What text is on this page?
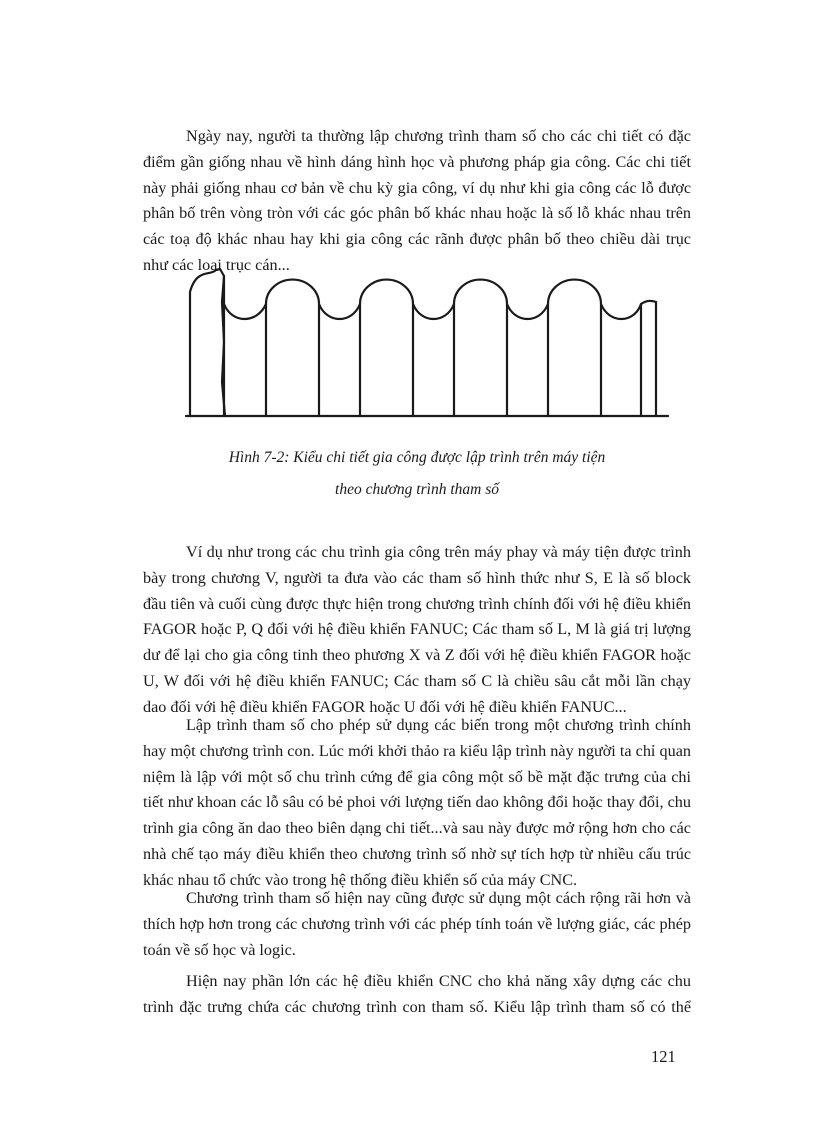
Ngày nay, người ta thường lập chương trình tham số cho các chi tiết có đặc
điểm gần giống nhau về hình dáng hình học và phương pháp gia công. Các chi tiết
này phải giống nhau cơ bản về chu kỳ gia công, ví dụ như khi gia công các lỗ được
phân bố trên vòng tròn với các góc phân bố khác nhau hoặc là số lỗ khác nhau trên
các toạ độ khác nhau hay khi gia công các rãnh được phân bố theo chiều dài trục
như các loại trục cán...

Hình 7-2: Kiểu chi tiết gia công được lập trình trên máy tiện

theo chương trình tham số

Ví dụ như trong các chu trình gia công trên máy phay và máy tiện được trình
bày trong chương V, người ta đưa vào các tham số hình thức như S, E là số block
đầu tiên và cuối cùng được thực hiện trong chương trình chính đối với hệ điều khiển
FAGOR hoặc P, Q đối với hệ điều khiển FANUC; Các tham số L, M là giá trị lượng
dư để lại cho gia công tinh theo phương X và Z đối với hệ điều khiển FAGOR hoặc
U, W đối với hệ điều khiển FANUC; Các tham số C là chiều sâu cắt mỗi lần chạy
dao đối với hệ điều khiển FAGOR hoặc U đối với hệ điều khiển FANUC...

Lập trình tham số cho phép sử dụng các biến trong một chương trình chính
hay một chương trình con. Lúc mới khởi thảo ra kiểu lập trình này người ta chỉ quan
niệm là lập với một số chu trình cứng để gia công một số bề mặt đặc trưng của chi
tiết như khoan các lỗ sâu có bẻ phoi với lượng tiến dao không đổi hoặc thay đổi, chu
trình gia công ăn dao theo biên dạng chi tiết...và sau này được mở rộng hơn cho các
nhà chế tạo máy điều khiển theo chương trình số nhờ sự tích hợp từ nhiều cấu trúc
khác nhau tổ chức vào trong hệ thống điều khiển số của máy CNC.

Chương trình tham số hiện nay cũng được sử dụng một cách rộng rãi hơn và
thích hợp hơn trong các chương trình với các phép tính toán về lượng giác, các phép
toán về số học và logic.

Hiện nay phần lớn các hệ điều khiển CNC cho khả năng xây dựng các chu
trình đặc trưng chứa các chương trình con tham số. Kiểu lập trình tham số có thể

121
